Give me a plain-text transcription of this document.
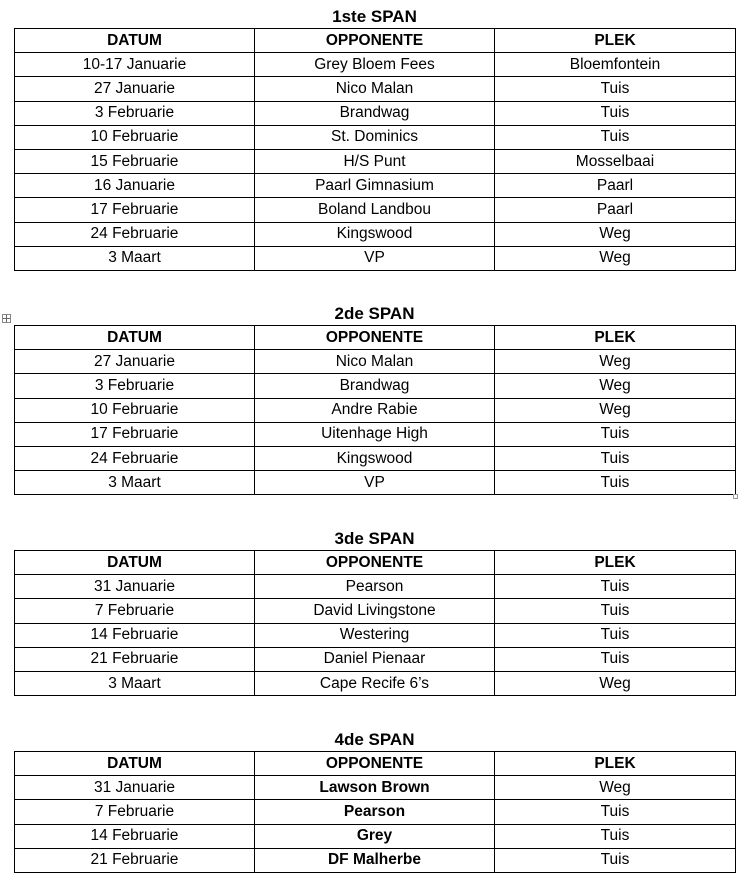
1ste SPAN
DATUM	OPPONENTE	PLEK
10-17 Januarie	Grey Bloem Fees	Bloemfontein
27 Januarie	Nico Malan	Tuis
3 Februarie	Brandwag	Tuis
10 Februarie	St. Dominics	Tuis
15 Februarie	H/S Punt	Mosselbaai
16 Januarie	Paarl Gimnasium	Paarl
17 Februarie	Boland Landbou	Paarl
24 Februarie	Kingswood	Weg
3 Maart	VP	Weg
2de SPAN
DATUM	OPPONENTE	PLEK
27 Januarie	Nico Malan	Weg
3 Februarie	Brandwag	Weg
10 Februarie	Andre Rabie	Weg
17 Februarie	Uitenhage High	Tuis
24 Februarie	Kingswood	Tuis
3 Maart	VP	Tuis
3de SPAN
DATUM	OPPONENTE	PLEK
31 Januarie	Pearson	Tuis
7 Februarie	David Livingstone	Tuis
14 Februarie	Westering	Tuis
21 Februarie	Daniel Pienaar	Tuis
3 Maart	Cape Recife 6’s	Weg
4de SPAN
DATUM	OPPONENTE	PLEK
31 Januarie	Lawson Brown	Weg
7 Februarie	Pearson	Tuis
14 Februarie	Grey	Tuis
21 Februarie	DF Malherbe	Tuis
